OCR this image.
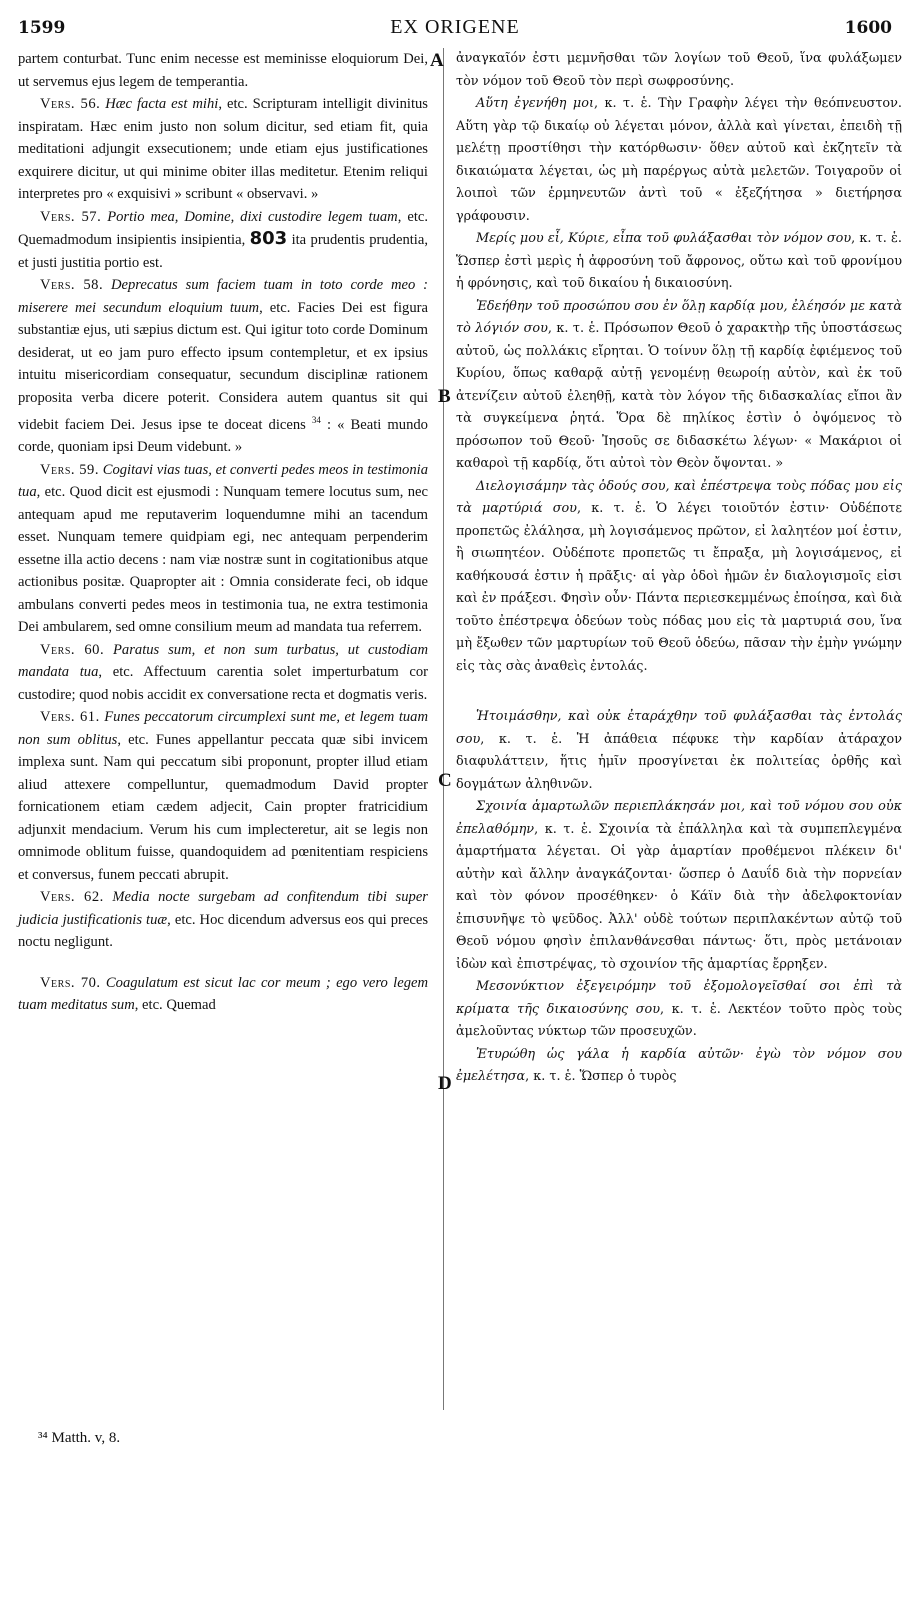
1599	EX ORIGENE	1600
A
B
C
D

partem conturbat. Tunc enim necesse est meminisse eloquiorum Dei, ut servemus ejus legem de temperantia.

Vers. 56. Hæc facta est mihi, etc. Scripturam intelligit divinitus inspiratam. Hæc enim justo non solum dicitur, sed etiam fit, quia meditationi adjungit exsecutionem; unde etiam ejus justificationes exquirere dicitur, ut qui minime obiter illas meditetur. Etenim reliqui interpretes pro « exquisivi » scribunt « observavi. »

Vers. 57. Portio mea, Domine, dixi custodire legem tuam, etc. Quemadmodum insipientis insipientia, 803 ita prudentis prudentia, et justi justitia portio est.

Vers. 58. Deprecatus sum faciem tuam in toto corde meo : miserere mei secundum eloquium tuum, etc. Facies Dei est figura substantiæ ejus, uti sæpius dictum est. Qui igitur toto corde Dominum desiderat, ut eo jam puro effecto ipsum contempletur, et ex ipsius intuitu misericordiam consequatur, secundum disciplinæ rationem proposita verba dicere poterit. Considera autem quantus sit qui videbit faciem Dei. Jesus ipse te doceat dicens $^{34}$ : « Beati mundo corde, quoniam ipsi Deum videbunt. »

Vers. 59. Cogitavi vias tuas, et converti pedes meos in testimonia tua, etc. Quod dicit est ejusmodi : Nunquam temere locutus sum, nec antequam apud me reputaverim loquendumne mihi an tacendum esset. Nunquam temere quidpiam egi, nec antequam perpenderim essetne illa actio decens : nam viæ nostræ sunt in cogitationibus atque actionibus positæ. Quapropter ait : Omnia considerate feci, ob idque ambulans converti pedes meos in testimonia tua, ne extra testimonia Dei ambularem, sed omne consilium meum ad mandata tua referrem.

Vers. 60. Paratus sum, et non sum turbatus, ut custodiam mandata tua, etc. Affectuum carentia solet imperturbatum cor custodire; quod nobis accidit ex conversatione recta et dogmatis veris.

Vers. 61. Funes peccatorum circumplexi sunt me, et legem tuam non sum oblitus, etc. Funes appellantur peccata quæ sibi invicem implexa sunt. Nam qui peccatum sibi proponunt, propter illud etiam aliud attexere compelluntur, quemadmodum David propter fornicationem etiam cædem adjecit, Cain propter fratricidium adjunxit mendacium. Verum his cum implecteretur, ait se legis non omnimode oblitum fuisse, quandoquidem ad pœnitentiam respiciens et conversus, funem peccati abrupit.

Vers. 62. Media nocte surgebam ad confitendum tibi super judicia justificationis tuæ, etc. Hoc dicendum adversus eos qui preces noctu negligunt.

Vers. 70. Coagulatum est sicut lac cor meum ; ego vero legem tuam meditatus sum, etc. Quemad

ἀναγκαῖόν ἐστι μεμνῆσθαι τῶν λογίων τοῦ Θεοῦ, ἵνα φυλάξωμεν τὸν νόμον τοῦ Θεοῦ τὸν περὶ σωφροσύνης.

Αὕτη ἐγενήθη μοι, κ. τ. ἑ. Τὴν Γραφὴν λέγει τὴν θεόπνευστον. Αὕτη γὰρ τῷ δικαίῳ οὐ λέγεται μόνον, ἀλλὰ καὶ γίνεται, ἐπειδὴ τῇ μελέτῃ προστίθησι τὴν κατόρθωσιν· ὅθεν αὐτοῦ καὶ ἐκζητεῖν τὰ δικαιώματα λέγεται, ὡς μὴ παρέργως αὐτὰ μελετῶν. Τοιγαροῦν οἱ λοιποὶ τῶν ἑρμηνευτῶν ἀντὶ τοῦ « ἐξεζήτησα » διετήρησα γράφουσιν.

Μερίς μου εἶ, Κύριε, εἶπα τοῦ φυλάξασθαι τὸν νόμον σου, κ. τ. ἑ. Ὥσπερ ἐστὶ μερὶς ἡ ἀφροσύνη τοῦ ἄφρονος, οὕτω καὶ τοῦ φρονίμου ἡ φρόνησις, καὶ τοῦ δικαίου ἡ δικαιοσύνη.

Ἐδεήθην τοῦ προσώπου σου ἐν ὅλῃ καρδίᾳ μου, ἐλέησόν με κατὰ τὸ λόγιόν σου, κ. τ. ἑ. Πρόσωπον Θεοῦ ὁ χαρακτὴρ τῆς ὑποστάσεως αὐτοῦ, ὡς πολλάκις εἴρηται. Ὁ τοίνυν ὅλῃ τῇ καρδίᾳ ἐφιέμενος τοῦ Κυρίου, ὅπως καθαρᾷ αὐτῇ γενομένῃ θεωροίῃ αὐτὸν, καὶ ἐκ τοῦ ἀτενίζειν αὐτοῦ ἐλεηθῇ, κατὰ τὸν λόγον τῆς διδασκαλίας εἴποι ἂν τὰ συγκείμενα ῥητά. Ὅρα δὲ πηλίκος ἐστὶν ὁ ὀψόμενος τὸ πρόσωπον τοῦ Θεοῦ· Ἰησοῦς σε διδασκέτω λέγων· « Μακάριοι οἱ καθαροὶ τῇ καρδίᾳ, ὅτι αὐτοὶ τὸν Θεὸν ὄψονται. »

Διελογισάμην τὰς ὁδούς σου, καὶ ἐπέστρεψα τοὺς πόδας μου εἰς τὰ μαρτύριά σου, κ. τ. ἑ. Ὁ λέγει τοιοῦτόν ἐστιν· Οὐδέποτε προπετῶς ἐλάλησα, μὴ λογισάμενος πρῶτον, εἰ λαλητέον μοί ἐστιν, ἢ σιωπητέον. Οὐδέποτε προπετῶς τι ἔπραξα, μὴ λογισάμενος, εἰ καθήκουσά ἐστιν ἡ πρᾶξις· αἱ γὰρ ὁδοὶ ἡμῶν ἐν διαλογισμοῖς εἰσι καὶ ἐν πράξεσι. Φησὶν οὖν· Πάντα περιεσκεμμένως ἐποίησα, καὶ διὰ τοῦτο ἐπέστρεψα ὁδεύων τοὺς πόδας μου εἰς τὰ μαρτυριά σου, ἵνα μὴ ἔξωθεν τῶν μαρτυρίων τοῦ Θεοῦ ὁδεύω, πᾶσαν τὴν ἐμὴν γνώμην εἰς τὰς σὰς ἀναθεὶς ἐντολάς.

Ἡτοιμάσθην, καὶ οὐκ ἐταράχθην τοῦ φυλάξασθαι τὰς ἐντολάς σου, κ. τ. ἑ. Ἡ ἀπάθεια πέφυκε τὴν καρδίαν ἀτάραχον διαφυλάττειν, ἥτις ἡμῖν προσγίνεται ἐκ πολιτείας ὀρθῆς καὶ δογμάτων ἀληθινῶν.

Σχοινία ἁμαρτωλῶν περιεπλάκησάν μοι, καὶ τοῦ νόμου σου οὐκ ἐπελαθόμην, κ. τ. ἑ. Σχοινία τὰ ἐπάλληλα καὶ τὰ συμπεπλεγμένα ἁμαρτήματα λέγεται. Οἱ γὰρ ἁμαρτίαν προθέμενοι πλέκειν δι' αὐτὴν καὶ ἄλλην ἀναγκάζονται· ὥσπερ ὁ Δαυΐδ διὰ τὴν πορνείαν καὶ τὸν φόνον προσέθηκεν· ὁ Κάϊν διὰ τὴν ἀδελφοκτονίαν ἐπισυνῆψε τὸ ψεῦδος. Ἀλλ' οὐδὲ τούτων περιπλακέντων αὐτῷ τοῦ Θεοῦ νόμου φησὶν ἐπιλανθάνεσθαι πάντως· ὅτι, πρὸς μετάνοιαν ἰδὼν καὶ ἐπιστρέψας, τὸ σχοινίον τῆς ἁμαρτίας ἔρρηξεν.

Μεσονύκτιον ἐξεγειρόμην τοῦ ἐξομολογεῖσθαί σοι ἐπὶ τὰ κρίματα τῆς δικαιοσύνης σου, κ. τ. ἑ. Λεκτέον τοῦτο πρὸς τοὺς ἀμελοῦντας νύκτωρ τῶν προσευχῶν.

Ἐτυρώθη ὡς γάλα ἡ καρδία αὐτῶν· ἐγὼ τὸν νόμον σου ἐμελέτησα, κ. τ. ἑ. Ὥσπερ ὁ τυρὸς

³⁴ Matth. v, 8.
